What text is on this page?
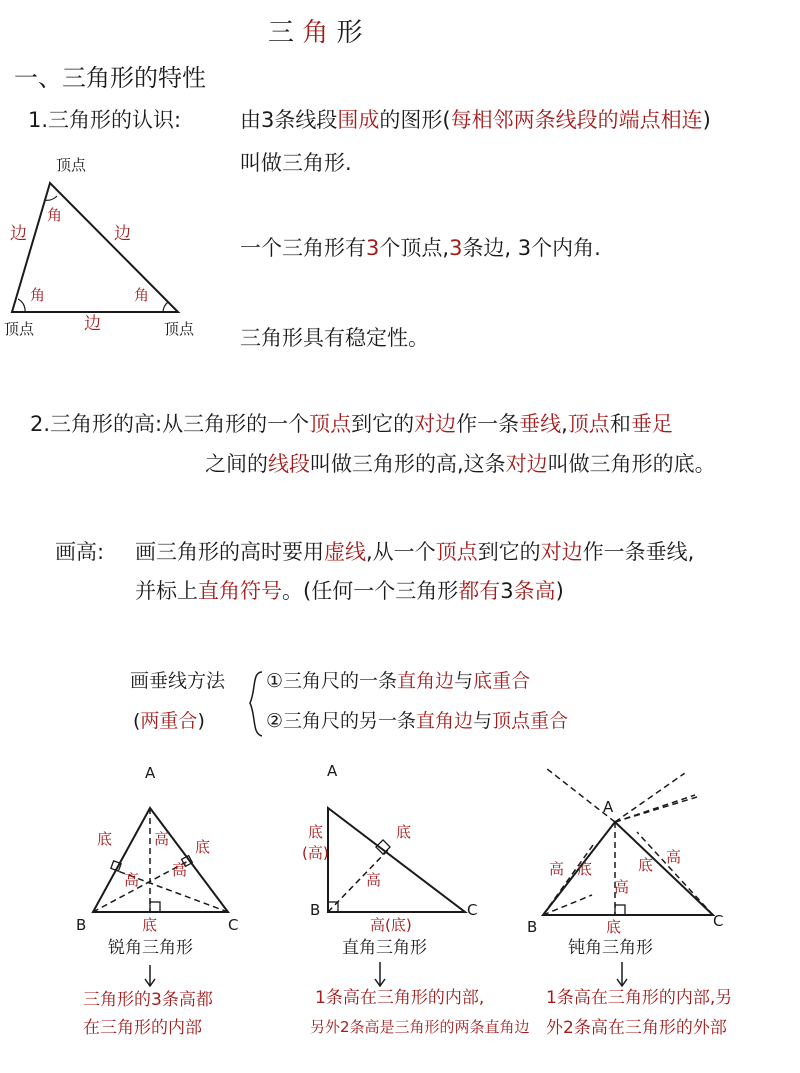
三 角 形
一、三角形的特性
1.三角形的认识:	由3条线段围成的图形(每相邻两条线段的端点相连)
叫做三角形.
一个三角形有3个顶点,3条边, 3个内角.
三角形具有稳定性。
顶点
边	边
角
角	角
顶点	边	顶点
2.三角形的高:从三角形的一个顶点到它的对边作一条垂线,顶点和垂足
之间的线段叫做三角形的高,这条对边叫做三角形的底。
画高: 画三角形的高时要用虚线,从一个顶点到它的对边作一条垂线,
并标上直角符号。(任何一个三角形都有3条高)
画垂线方法
(两重合)
①三角尺的一条直角边与底重合
②三角尺的另一条直角边与顶点重合
A
B	C
底	高 底
高
高
底
锐角三角形
三角形的3条高都
在三角形的内部
A
B	C
底
(高)
底
高
高(底)
直角三角形
1条高在三角形的内部,
另外2条高是三角形的两条直角边
A
B	C
高 底	底 高
高
底
钝角三角形
1条高在三角形的内部,另
外2条高在三角形的外部
